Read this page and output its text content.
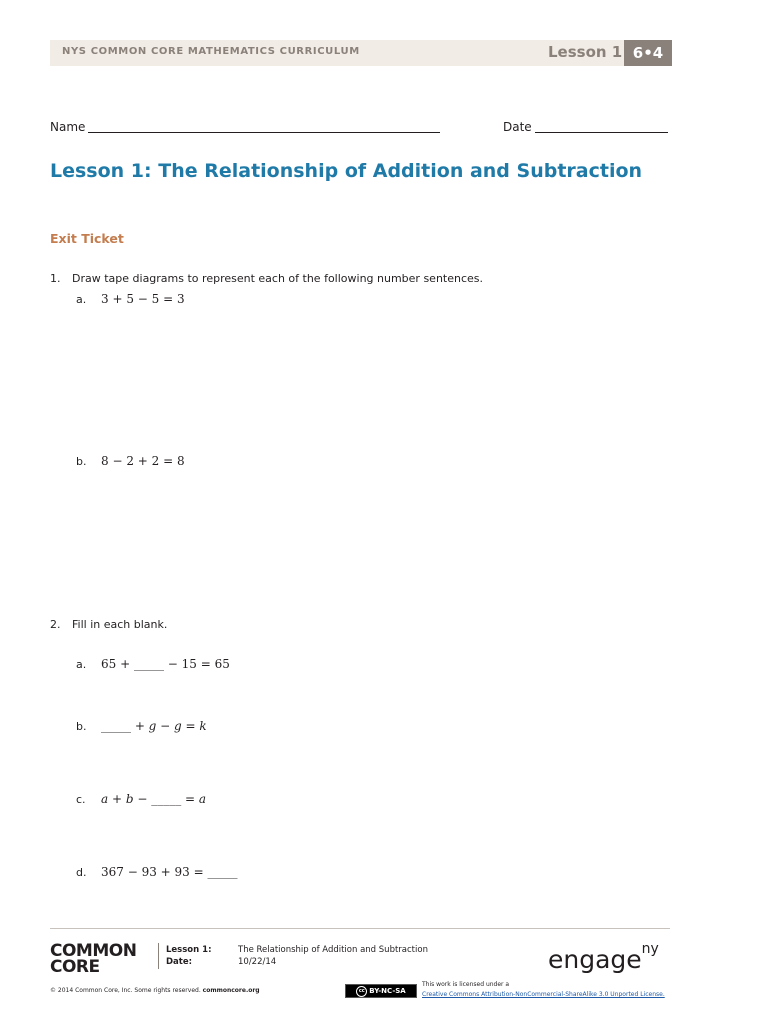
NYS COMMON CORE MATHEMATICS CURRICULUM	Lesson 1 6•4
Name	Date
Lesson 1: The Relationship of Addition and Subtraction
Exit Ticket
1. Draw tape diagrams to represent each of the following number sentences.
a. 3 + 5 − 5 = 3
b. 8 − 2 + 2 = 8
2. Fill in each blank.
a. 65 + _____ − 15 = 65
b. _____ + g − g = k
c. a + b − _____ = a
d. 367 − 93 + 93 = _____
COMMON
CORE
Lesson 1:
Date:
The Relationship of Addition and Subtraction
10/22/14	engage$^{ny}$
© 2014 Common Core, Inc. Some rights reserved. commoncore.org	cc BY-NC-SA
This work is licensed under a
Creative Commons Attribution-NonCommercial-ShareAlike 3.0 Unported License.
